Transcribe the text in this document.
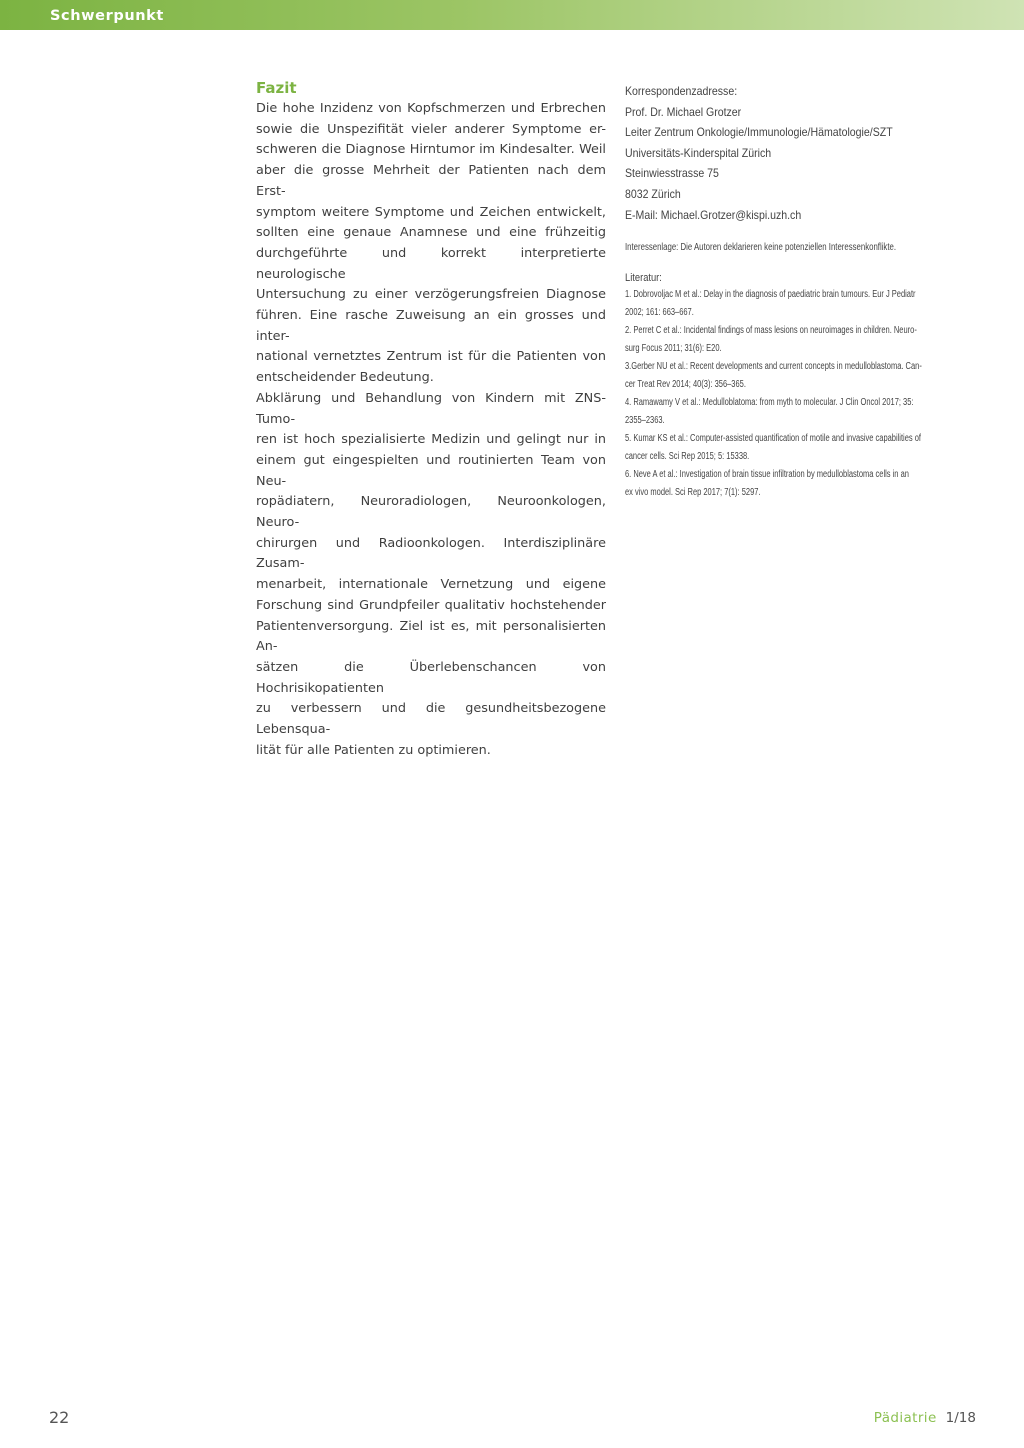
Schwerpunkt
Fazit

Die hohe Inzidenz von Kopfschmerzen und Erbrechen
sowie die Unspezifität vieler anderer Symptome er-
schweren die Diagnose Hirntumor im Kindesalter. Weil
aber die grosse Mehrheit der Patienten nach dem Erst-
symptom weitere Symptome und Zeichen entwickelt,
sollten eine genaue Anamnese und eine frühzeitig
durchgeführte und korrekt interpretierte neurologische
Untersuchung zu einer verzögerungsfreien Diagnose
führen. Eine rasche Zuweisung an ein grosses und inter-
national vernetztes Zentrum ist für die Patienten von
entscheidender Bedeutung.

Abklärung und Behandlung von Kindern mit ZNS-Tumo-
ren ist hoch spezialisierte Medizin und gelingt nur in
einem gut eingespielten und routinierten Team von Neu-
ropädiatern, Neuroradiologen, Neuroonkologen, Neuro-
chirurgen und Radioonkologen. Interdisziplinäre Zusam-
menarbeit, internationale Vernetzung und eigene
Forschung sind Grundpfeiler qualitativ hochstehender
Patientenversorgung. Ziel ist es, mit personalisierten An-
sätzen die Überlebenschancen von Hochrisikopatienten
zu verbessern und die gesundheitsbezogene Lebensqua-
lität für alle Patienten zu optimieren.

Korrespondenzadresse:
Prof. Dr. Michael Grotzer
Leiter Zentrum Onkologie/Immunologie/Hämatologie/SZT
Universitäts-Kinderspital Zürich
Steinwiesstrasse 75
8032 Zürich
E-Mail: Michael.Grotzer@kispi.uzh.ch
Interessenlage: Die Autoren deklarieren keine potenziellen Interessenkonflikte.
Literatur:
1. Dobrovoljac M et al.: Delay in the diagnosis of paediatric brain tumours. Eur J Pediatr
2002; 161: 663–667.
2. Perret C et al.: Incidental findings of mass lesions on neuroimages in children. Neuro-
surg Focus 2011; 31(6): E20.
3.Gerber NU et al.: Recent developments and current concepts in medulloblastoma. Can-
cer Treat Rev 2014; 40(3): 356–365.
4. Ramawamy V et al.: Medulloblatoma: from myth to molecular. J Clin Oncol 2017; 35:
2355–2363.
5. Kumar KS et al.: Computer-assisted quantification of motile and invasive capabilities of
cancer cells. Sci Rep 2015; 5: 15338.
6. Neve A et al.: Investigation of brain tissue infiltration by medulloblastoma cells in an
ex vivo model. Sci Rep 2017; 7(1): 5297.
22	Pädiatrie 1/18
